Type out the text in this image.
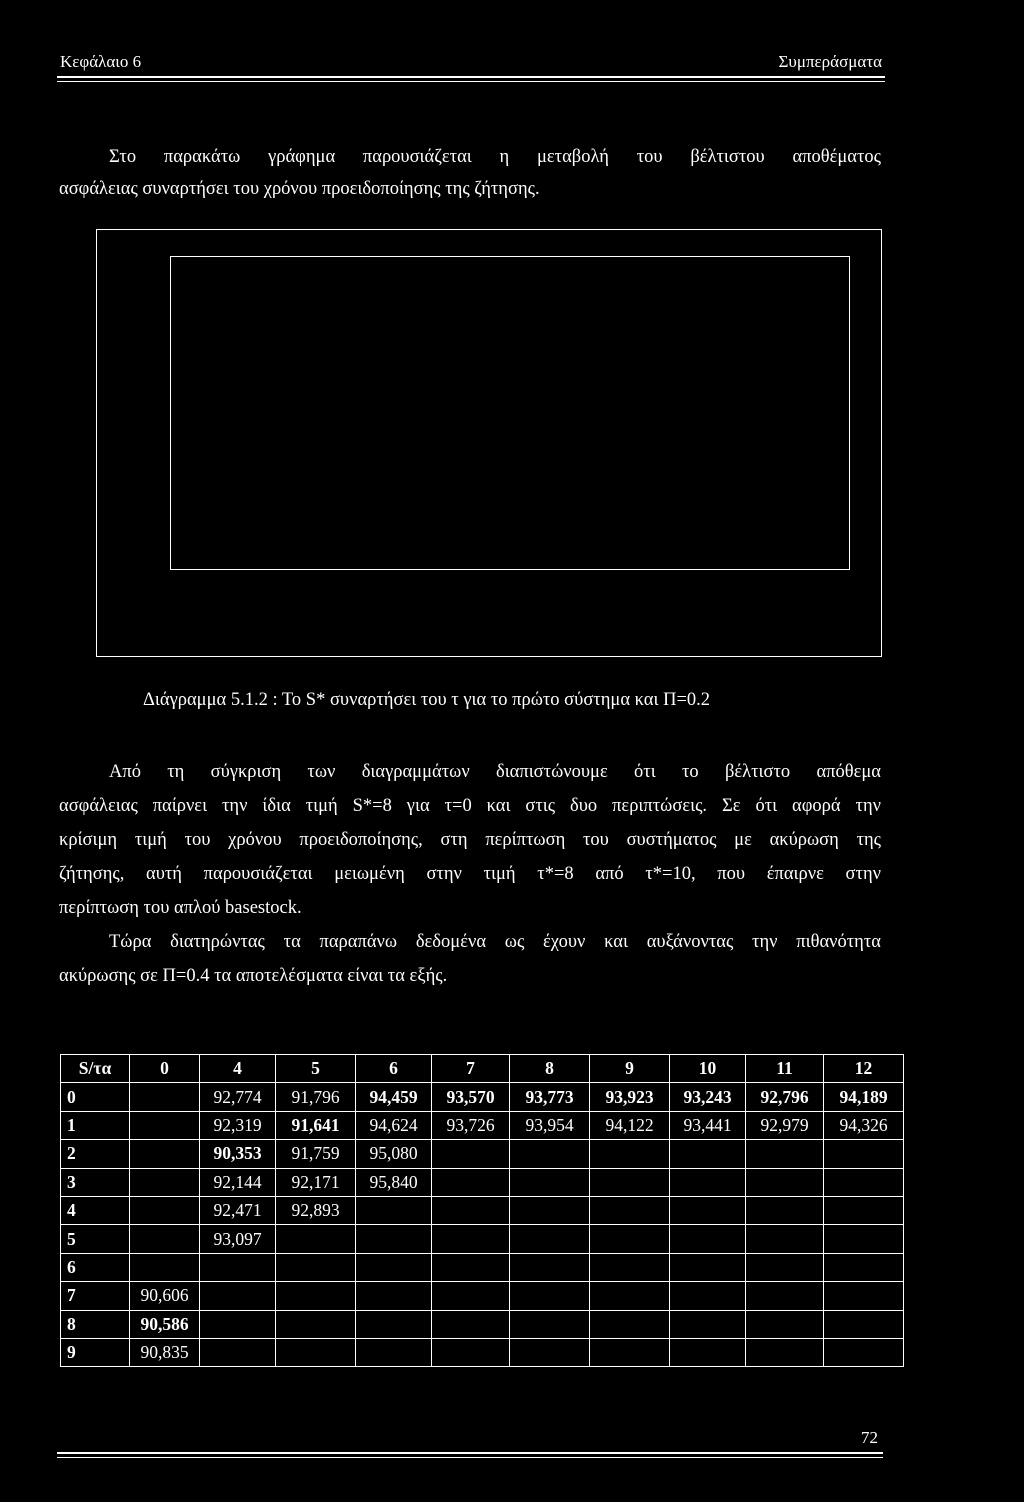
Κεφάλαιο 6	Συμπεράσματα
Στο παρακάτω γράφημα παρουσιάζεται η μεταβολή του βέλτιστου αποθέματος
ασφάλειας συναρτήσει του χρόνου προειδοποίησης της ζήτησης.
Διάγραμμα 5.1.2 : Το S* συναρτήσει του τ για το πρώτο σύστημα και Π=0.2
Από τη σύγκριση των διαγραμμάτων διαπιστώνουμε ότι το βέλτιστο απόθεμα
ασφάλειας παίρνει την ίδια τιμή S*=8 για τ=0 και στις δυο περιπτώσεις. Σε ότι αφορά την
κρίσιμη τιμή του χρόνου προειδοποίησης, στη περίπτωση του συστήματος με ακύρωση της
ζήτησης, αυτή παρουσιάζεται μειωμένη στην τιμή τ*=8 από τ*=10, που έπαιρνε στην
περίπτωση του απλού basestock.
Τώρα διατηρώντας τα παραπάνω δεδομένα ως έχουν και αυξάνοντας την πιθανότητα
ακύρωσης σε Π=0.4 τα αποτελέσματα είναι τα εξής.
S/τα	0	4	5	6	7	8	9	10	11	12
0		92,774	91,796	94,459	93,570	93,773	93,923	93,243	92,796	94,189
1		92,319	91,641	94,624	93,726	93,954	94,122	93,441	92,979	94,326
2		90,353	91,759	95,080						
3		92,144	92,171	95,840						
4		92,471	92,893							
5		93,097								
6										
7	90,606									
8	90,586									
9	90,835									
72
